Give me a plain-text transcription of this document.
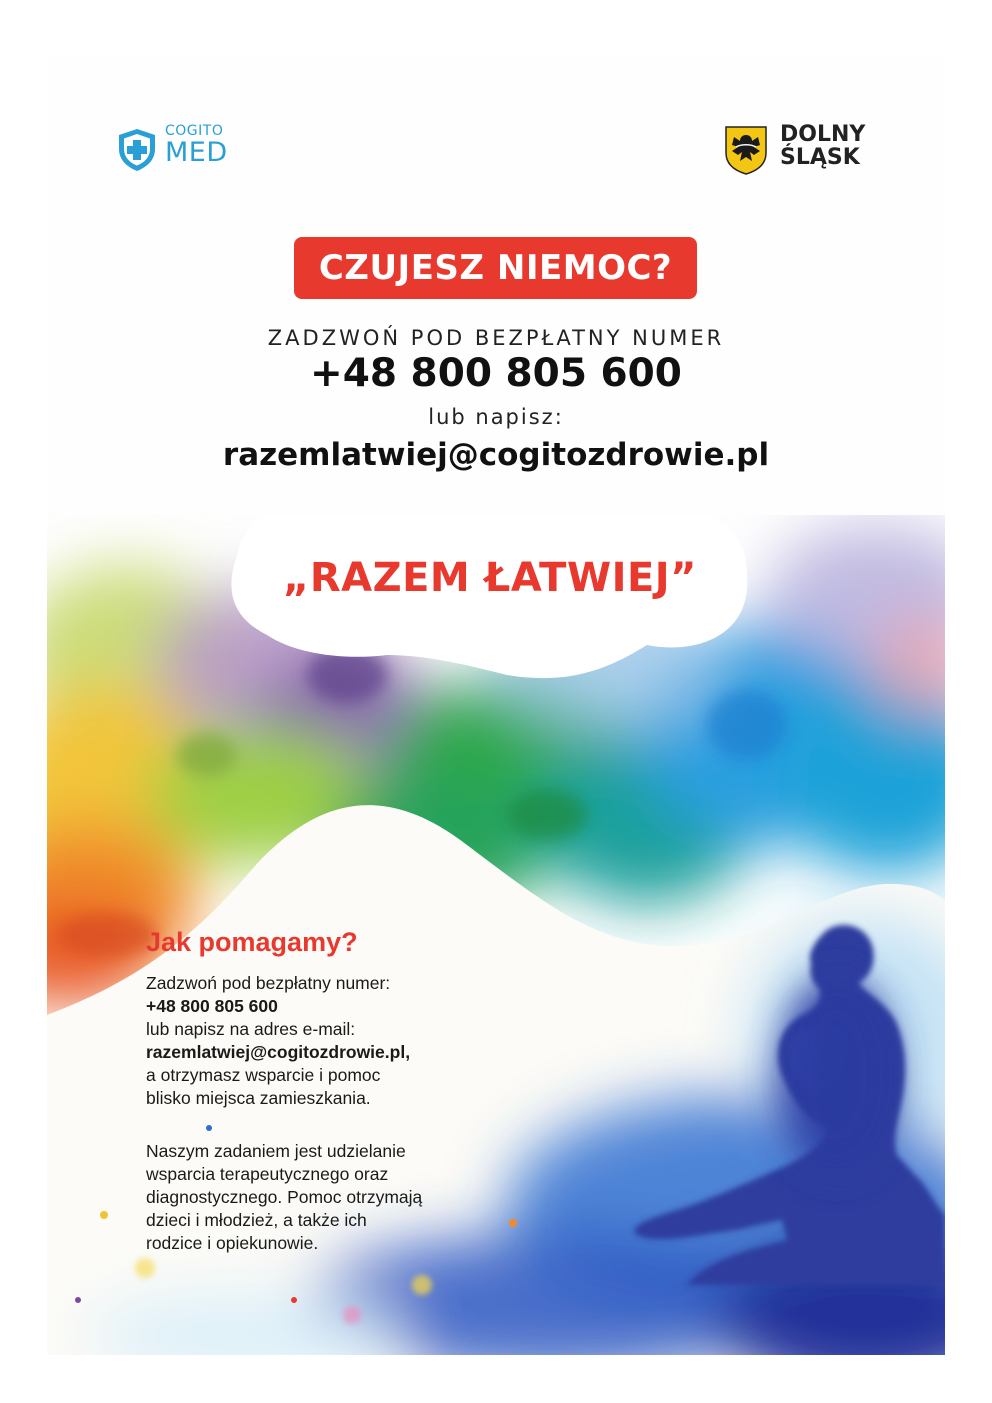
COGITO
MED
DOLNY
ŚLĄSK
CZUJESZ NIEMOC?
ZADZWOŃ POD BEZPŁATNY NUMER
+48 800 805 600
lub napisz:
razemlatwiej@cogitozdrowie.pl
„RAZEM ŁATWIEJ”
Jak pomagamy?
Zadzwoń pod bezpłatny numer:
+48 800 805 600
lub napisz na adres e-mail:
razemlatwiej@cogitozdrowie.pl,
a otrzymasz wsparcie i pomoc
blisko miejsca zamieszkania.
Naszym zadaniem jest udzielanie
wsparcia terapeutycznego oraz
diagnostycznego. Pomoc otrzymają
dzieci i młodzież, a także ich
rodzice i opiekunowie.
